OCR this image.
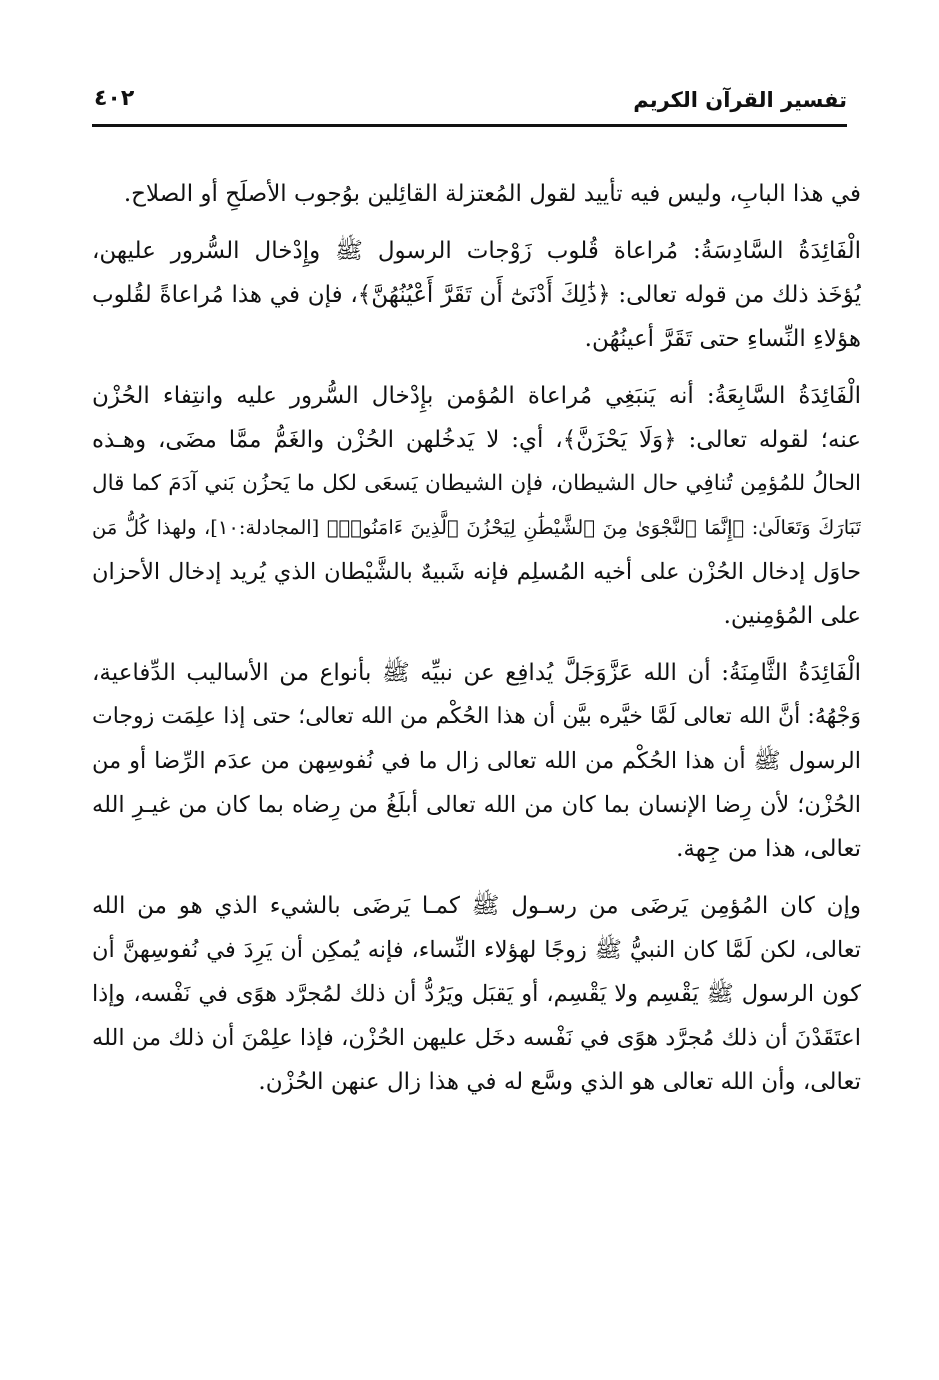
تفسير القرآن الكريم
٤٠٢
في هذا البابِ، وليس فيه تأييد لقول المُعتزلة القائِلين بوُجوب الأصلَحِ أو الصلاح.
الْفَائِدَةُ السَّادِسَةُ: مُراعاة قُلوب زَوْجات الرسول ﷺ وإِدْخال السُّرور عليهن،
يُؤخَذ ذلك من قوله تعالى: ﴿ذَٰلِكَ أَدْنَىٰٓ أَن تَقَرَّ أَعْيُنُهُنَّ﴾، فإن في هذا مُراعاةً لقُلوب
هؤلاءِ النِّساءِ حتى تَقَرَّ أعينُهُن.
الْفَائِدَةُ السَّابِعَةُ: أنه يَنبَغِي مُراعاة المُؤمن بإِدْخال السُّرور عليه وانتِفاء الحُزْن
عنه؛ لقوله تعالى: ﴿وَلَا يَحْزَنَّ﴾، أي: لا يَدخُلهن الحُزْن والغَمُّ ممَّا مضَى، وهـذه
الحالُ للمُؤمِن تُنافِي حال الشيطان، فإن الشيطان يَسعَى لكل ما يَحزُن بَني آدَمَ كما قال
تَبَارَكَ وَتَعَالَىٰ: ﴿إِنَّمَا ٱلنَّجْوَىٰ مِنَ ٱلشَّيْطَٰنِ لِيَحْزُنَ ٱلَّذِينَ ءَامَنُوا۟﴾ [المجادلة:١٠]، ولهذا كُلُّ مَن
حاوَل إدخال الحُزْن على أخيه المُسلِم فإنه شَبيهٌ بالشَّيْطان الذي يُريد إدخال الأحزان
على المُؤمِنين.
الْفَائِدَةُ الثَّامِنَةُ: أن الله عَزَّوَجَلَّ يُدافِع عن نبيِّه ﷺ بأنواع من الأساليب الدِّفاعية،
وَجْهُهُ: أنَّ الله تعالى لَمَّا خيَّره بيَّن أن هذا الحُكْم من الله تعالى؛ حتى إذا علِمَت زوجات
الرسول ﷺ أن هذا الحُكْم من الله تعالى زال ما في نُفوسِهن من عدَم الرِّضا أو من
الحُزْن؛ لأن رِضا الإنسان بما كان من الله تعالى أبلَغُ من رِضاه بما كان من غيـرِ الله
تعالى، هذا من جِهة.
وإن كان المُؤمِن يَرضَى من رسـول ﷺ كمـا يَرضَى بالشيء الذي هو من الله
تعالى، لكن لَمَّا كان النبيُّ ﷺ زوجًا لهؤلاء النِّساء، فإنه يُمكِن أن يَرِدَ في نُفوسِهنَّ أن
كون الرسول ﷺ يَقْسِم ولا يَقْسِم، أو يَقبَل ويَرُدُّ أن ذلك لمُجرَّد هوًى في نَفْسه، وإذا
اعتَقَدْنَ أن ذلك مُجرَّد هوًى في نَفْسه دخَل عليهن الحُزْن، فإذا علِمْنَ أن ذلك من الله
تعالى، وأن الله تعالى هو الذي وسَّع له في هذا زال عنهن الحُزْن.
